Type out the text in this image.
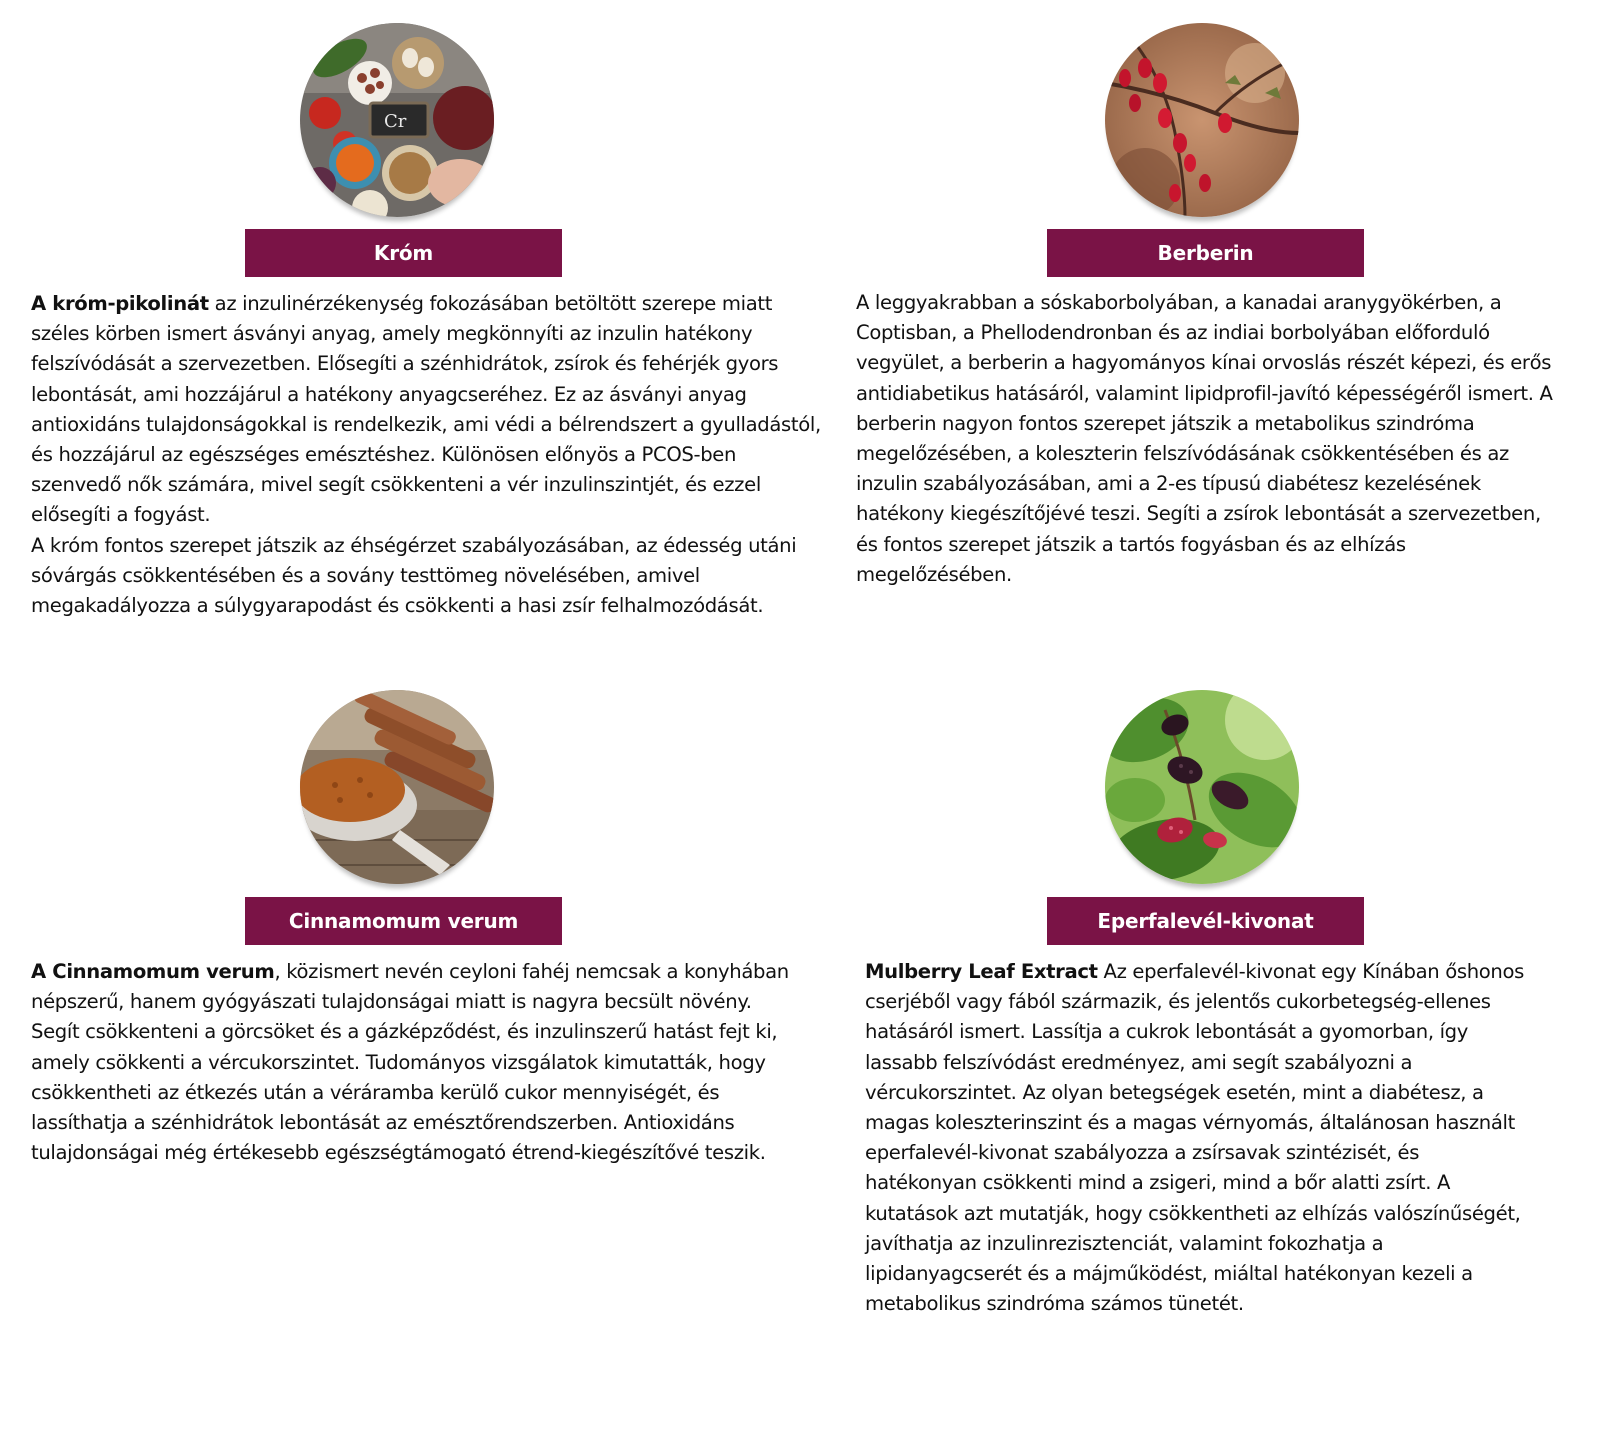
Cr
Króm

A króm-pikolinát az inzulinérzékenység fokozásában betöltött szerepe miatt széles körben ismert ásványi anyag, amely megkönnyíti az inzulin hatékony felszívódását a szervezetben. Elősegíti a szénhidrátok, zsírok és fehérjék gyors lebontását, ami hozzájárul a hatékony anyagcseréhez. Ez az ásványi anyag antioxidáns tulajdonságokkal is rendelkezik, ami védi a bélrendszert a gyulladástól, és hozzájárul az egészséges emésztéshez. Különösen előnyös a PCOS-ben szenvedő nők számára, mivel segít csökkenteni a vér inzulinszintjét, és ezzel elősegíti a fogyást.

A króm fontos szerepet játszik az éhségérzet szabályozásában, az édesség utáni sóvárgás csökkentésében és a sovány testtömeg növelésében, amivel megakadályozza a súlygyarapodást és csökkenti a hasi zsír felhalmozódását.

Berberin

A leggyakrabban a sóskaborbolyában, a kanadai aranygyökérben, a Coptisban, a Phellodendronban és az indiai borbolyában előforduló vegyület, a berberin a hagyományos kínai orvoslás részét képezi, és erős antidiabetikus hatásáról, valamint lipidprofil-javító képességéről ismert. A berberin nagyon fontos szerepet játszik a metabolikus szindróma megelőzésében, a koleszterin felszívódásának csökkentésében és az inzulin szabályozásában, ami a 2-es típusú diabétesz kezelésének hatékony kiegészítőjévé teszi. Segíti a zsírok lebontását a szervezetben, és fontos szerepet játszik a tartós fogyásban és az elhízás megelőzésében.

Cinnamomum verum

A Cinnamomum verum, közismert nevén ceyloni fahéj nemcsak a konyhában népszerű, hanem gyógyászati tulajdonságai miatt is nagyra becsült növény. Segít csökkenteni a görcsöket és a gázképződést, és inzulinszerű hatást fejt ki, amely csökkenti a vércukorszintet. Tudományos vizsgálatok kimutatták, hogy csökkentheti az étkezés után a véráramba kerülő cukor mennyiségét, és lassíthatja a szénhidrátok lebontását az emésztőrendszerben. Antioxidáns tulajdonságai még értékesebb egészségtámogató étrend-kiegészítővé teszik.

Eperfalevél-kivonat

Mulberry Leaf Extract Az eperfalevél-kivonat egy Kínában őshonos cserjéből vagy fából származik, és jelentős cukorbetegség-ellenes hatásáról ismert. Lassítja a cukrok lebontását a gyomorban, így lassabb felszívódást eredményez, ami segít szabályozni a vércukorszintet. Az olyan betegségek esetén, mint a diabétesz, a magas koleszterinszint és a magas vérnyomás, általánosan használt eperfalevél-kivonat szabályozza a zsírsavak szintézisét, és hatékonyan csökkenti mind a zsigeri, mind a bőr alatti zsírt. A kutatások azt mutatják, hogy csökkentheti az elhízás valószínűségét, javíthatja az inzulinrezisztenciát, valamint fokozhatja a lipidanyagcserét és a májműködést, miáltal hatékonyan kezeli a metabolikus szindróma számos tünetét.
